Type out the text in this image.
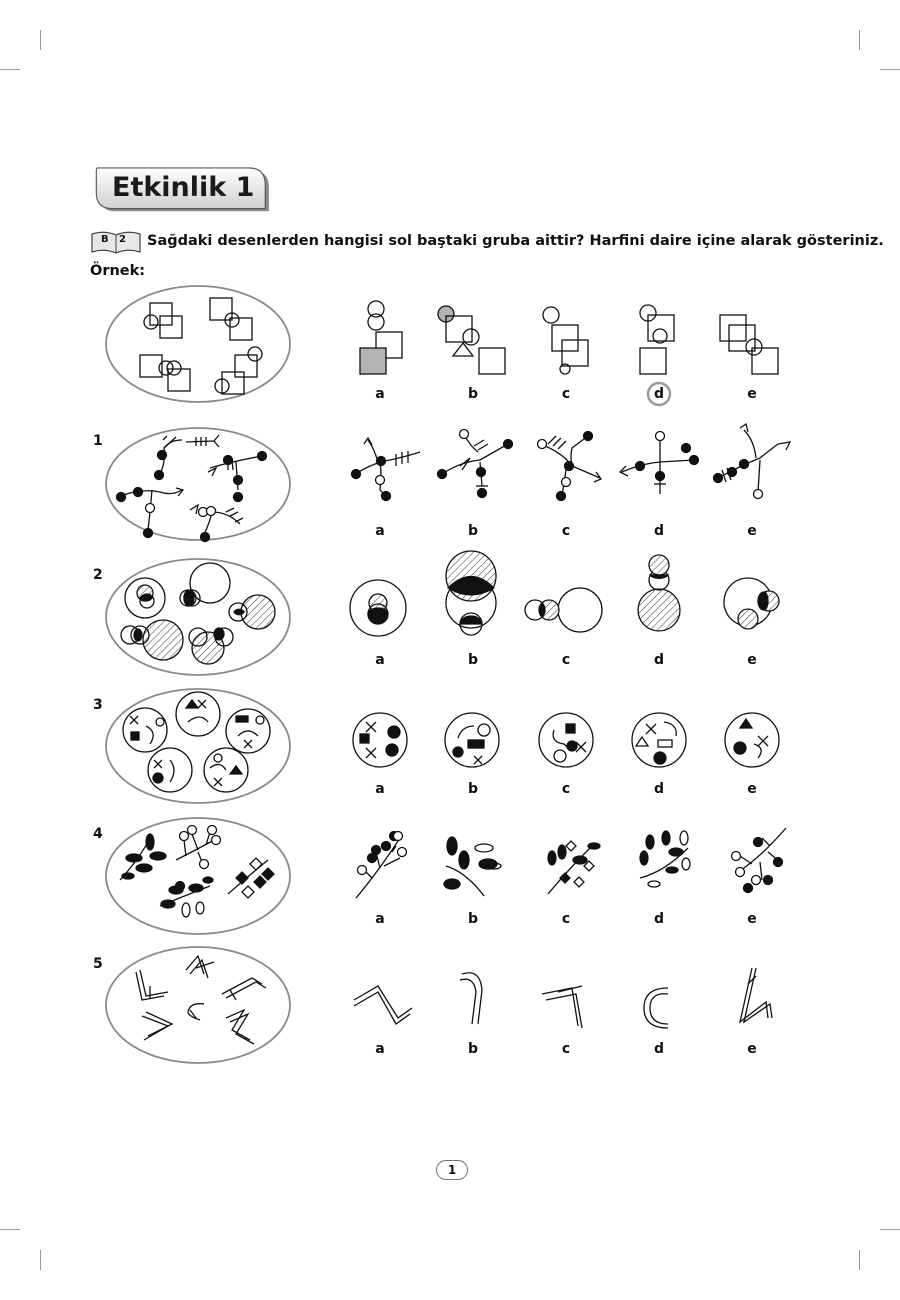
Etkinlik 1
B 2 Sağdaki desenlerden hangisi sol baştaki gruba aittir? Harfini daire içine alarak gösteriniz.
Örnek:
1
2
3
4
5
a	b	c	d	e
a	b	c	d	e
a	b	c	d	e
a	b	c	d	e
a	b	c	d	e
a	b	c	d	e
1
